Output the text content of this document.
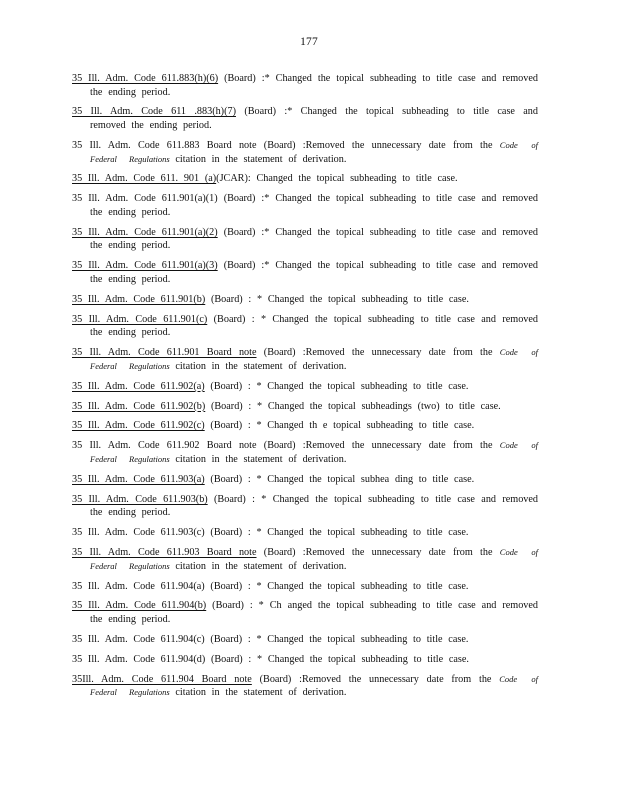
177

35 Ill. Adm. Code 611.883(h)(6) (Board) :* Changed the topical subheading to title case and removed the ending period.

35 Ill. Adm. Code 611 .883(h)(7) (Board) :* Changed the topical subheading to title case and removed the ending period.

35 Ill. Adm. Code 611.883 Board note (Board) :Removed the unnecessary date from the Code of Federal Regulations citation in the statement of derivation.

35 Ill. Adm. Code 611. 901 (a)(JCAR): Changed the topical subheading to title case.

35 Ill. Adm. Code 611.901(a)(1) (Board) :* Changed the topical subheading to title case and removed the ending period.

35 Ill. Adm. Code 611.901(a)(2) (Board) :* Changed the topical subheading to title case and removed the ending period.

35 Ill. Adm. Code 611.901(a)(3) (Board) :* Changed the topical subheading to title case and removed the ending period.

35 Ill. Adm. Code 611.901(b) (Board) : * Changed the topical subheading to title case.

35 Ill. Adm. Code 611.901(c) (Board) : * Changed the topical subheading to title case and removed the ending period.

35 Ill. Adm. Code 611.901 Board note (Board) :Removed the unnecessary date from the Code of Federal Regulations citation in the statement of derivation.

35 Ill. Adm. Code 611.902(a) (Board) : * Changed the topical subheading to title case.

35 Ill. Adm. Code 611.902(b) (Board) : * Changed the topical subheadings (two) to title case.

35 Ill. Adm. Code 611.902(c) (Board) : * Changed th e topical subheading to title case.

35 Ill. Adm. Code 611.902 Board note (Board) :Removed the unnecessary date from the Code of Federal Regulations citation in the statement of derivation.

35 Ill. Adm. Code 611.903(a) (Board) : * Changed the topical subhea ding to title case.

35 Ill. Adm. Code 611.903(b) (Board) : * Changed the topical subheading to title case and removed the ending period.

35 Ill. Adm. Code 611.903(c) (Board) : * Changed the topical subheading to title case.

35 Ill. Adm. Code 611.903 Board note (Board) :Removed the unnecessary date from the Code of Federal Regulations citation in the statement of derivation.

35 Ill. Adm. Code 611.904(a) (Board) : * Changed the topical subheading to title case.

35 Ill. Adm. Code 611.904(b) (Board) : * Ch anged the topical subheading to title case and removed the ending period.

35 Ill. Adm. Code 611.904(c) (Board) : * Changed the topical subheading to title case.

35 Ill. Adm. Code 611.904(d) (Board) : * Changed the topical subheading to title case.

35Ill. Adm. Code 611.904 Board note (Board) :Removed the unnecessary date from the Code of Federal Regulations citation in the statement of derivation.
